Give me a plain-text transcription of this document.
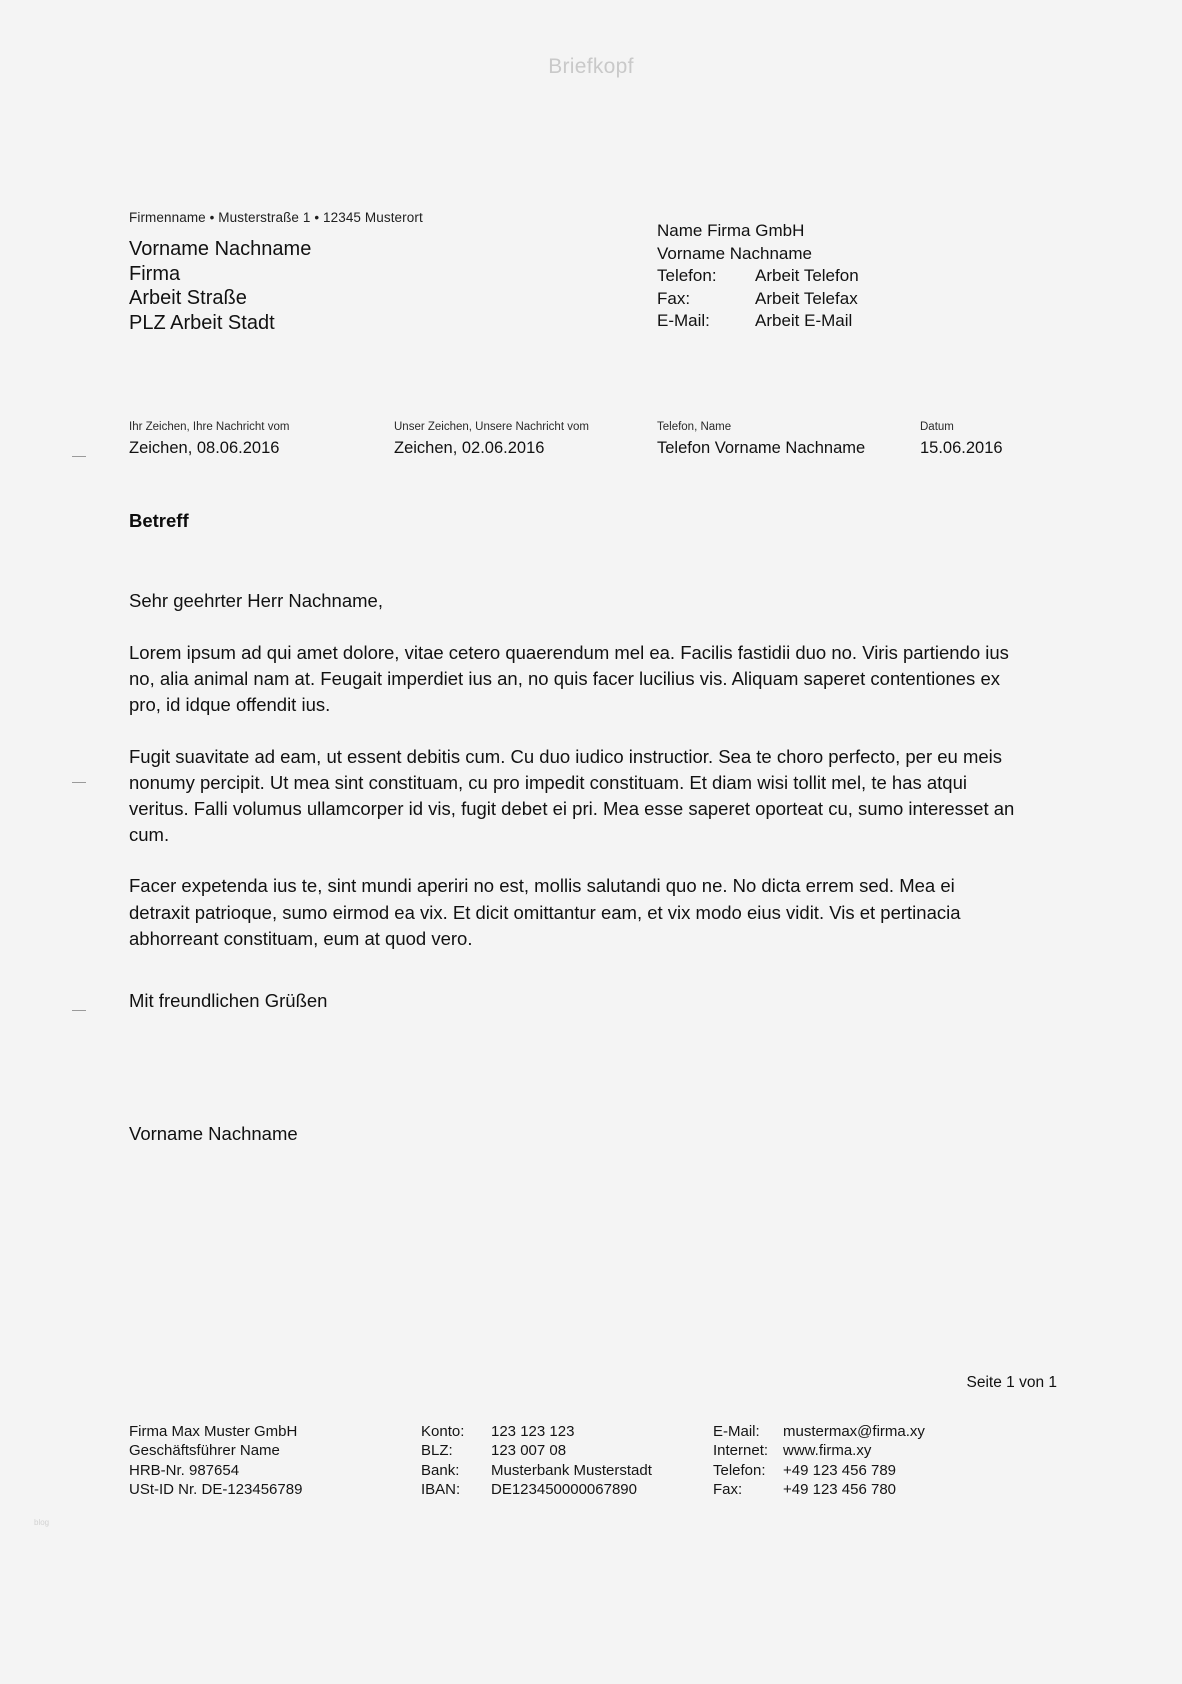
Briefkopf
Firmenname • Musterstraße 1 • 12345 Musterort
Vorname Nachname
Firma
Arbeit Straße
PLZ Arbeit Stadt
Name Firma GmbH
Vorname Nachname
Telefon: Arbeit Telefon
Fax:	Arbeit Telefax
E-Mail:	Arbeit E-Mail
Ihr Zeichen, Ihre Nachricht vom
Zeichen, 08.06.2016
Unser Zeichen, Unsere Nachricht vom
Zeichen, 02.06.2016
Telefon, Name
Telefon Vorname Nachname
Datum
15.06.2016
Betreff
Sehr geehrter Herr Nachname,

Lorem ipsum ad qui amet dolore, vitae cetero quaerendum mel ea. Facilis fastidii duo no. Viris partiendo ius no, alia animal nam at. Feugait imperdiet ius an, no quis facer lucilius vis. Aliquam saperet contentiones ex pro, id idque offendit ius.

Fugit suavitate ad eam, ut essent debitis cum. Cu duo iudico instructior. Sea te choro perfecto, per eu meis nonumy percipit. Ut mea sint constituam, cu pro impedit constituam. Et diam wisi tollit mel, te has atqui veritus. Falli volumus ullamcorper id vis, fugit debet ei pri. Mea esse saperet oporteat cu, sumo interesset an cum.

Facer expetenda ius te, sint mundi aperiri no est, mollis salutandi quo ne. No dicta errem sed. Mea ei detraxit patrioque, sumo eirmod ea vix. Et dicit omittantur eam, et vix modo eius vidit. Vis et pertinacia abhorreant constituam, eum at quod vero.

Mit freundlichen Grüßen
Vorname Nachname
Seite 1 von 1
Firma Max Muster GmbH
Geschäftsführer Name
HRB-Nr. 987654
USt-ID Nr. DE-123456789
Konto: 123 123 123
BLZ:	123 007 08
Bank: Musterbank Musterstadt
IBAN: DE123450000067890
E-Mail: mustermax@firma.xy
Internet: www.firma.xy
Telefon: +49 123 456 789
Fax:	+49 123 456 780
blog
